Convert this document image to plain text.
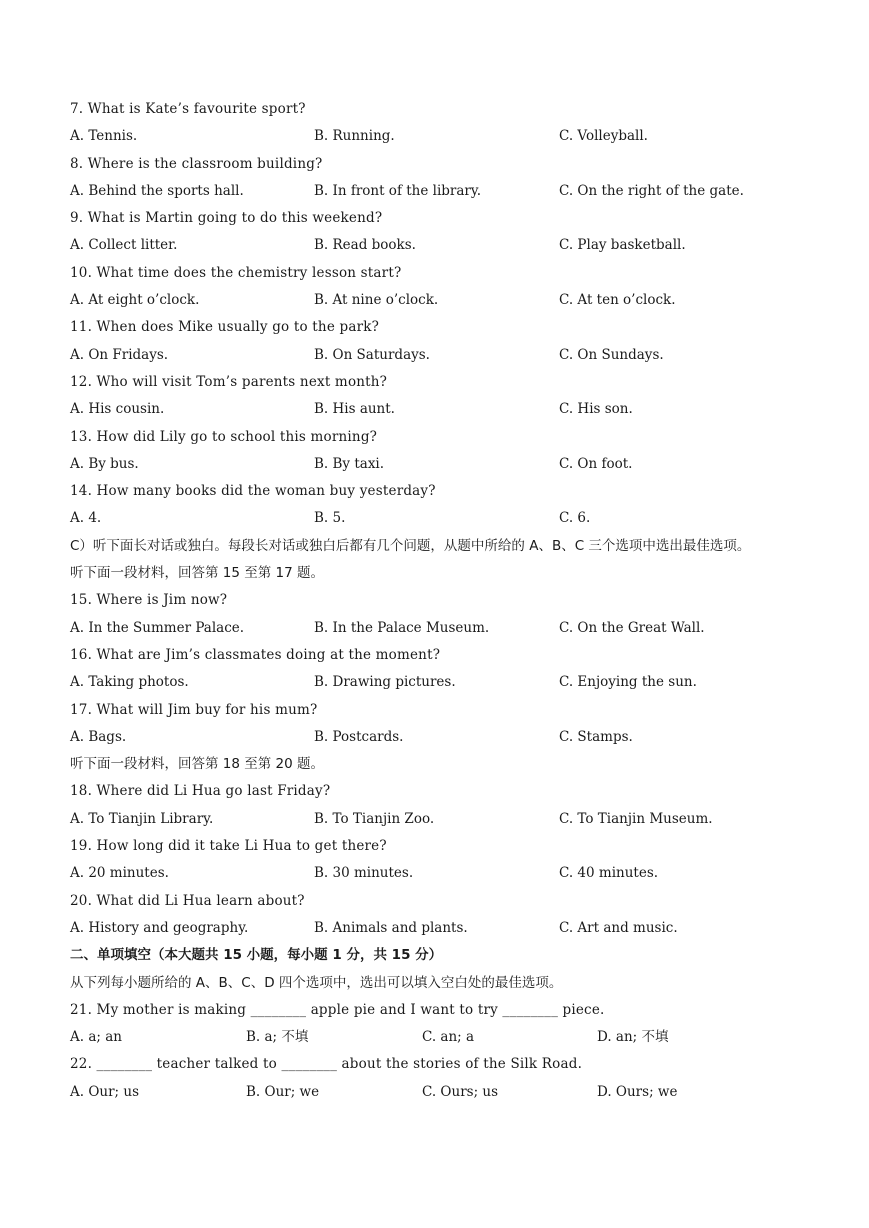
7. What is Kate’s favourite sport?
A. Tennis.	B. Running.	C. Volleyball.
8. Where is the classroom building?
A. Behind the sports hall.	B. In front of the library.	C. On the right of the gate.
9. What is Martin going to do this weekend?
A. Collect litter.	B. Read books.	C. Play basketball.
10. What time does the chemistry lesson start?
A. At eight o’clock.	B. At nine o’clock.	C. At ten o’clock.
11. When does Mike usually go to the park?
A. On Fridays.	B. On Saturdays.	C. On Sundays.
12. Who will visit Tom’s parents next month?
A. His cousin.	B. His aunt.	C. His son.
13. How did Lily go to school this morning?
A. By bus.	B. By taxi.	C. On foot.
14. How many books did the woman buy yesterday?
A. 4.	B. 5.	C. 6.
C）听下面长对话或独白。每段长对话或独白后都有几个问题，从题中所给的 A、B、C 三个选项中选出最佳选项。
听下面一段材料，回答第 15 至第 17 题。
15. Where is Jim now?
A. In the Summer Palace.	B. In the Palace Museum.	C. On the Great Wall.
16. What are Jim’s classmates doing at the moment?
A. Taking photos.	B. Drawing pictures.	C. Enjoying the sun.
17. What will Jim buy for his mum?
A. Bags.	B. Postcards.	C. Stamps.
听下面一段材料，回答第 18 至第 20 题。
18. Where did Li Hua go last Friday?
A. To Tianjin Library.	B. To Tianjin Zoo.	C. To Tianjin Museum.
19. How long did it take Li Hua to get there?
A. 20 minutes.	B. 30 minutes.	C. 40 minutes.
20. What did Li Hua learn about?
A. History and geography.	B. Animals and plants.	C. Art and music.
二、单项填空（本大题共 15 小题，每小题 1 分，共 15 分）
从下列每小题所给的 A、B、C、D 四个选项中，选出可以填入空白处的最佳选项。
21. My mother is making ________ apple pie and I want to try ________ piece.
A. a; an	B. a; 不填	C. an; a	D. an; 不填
22. ________ teacher talked to ________ about the stories of the Silk Road.
A. Our; us	B. Our; we	C. Ours; us	D. Ours; we
